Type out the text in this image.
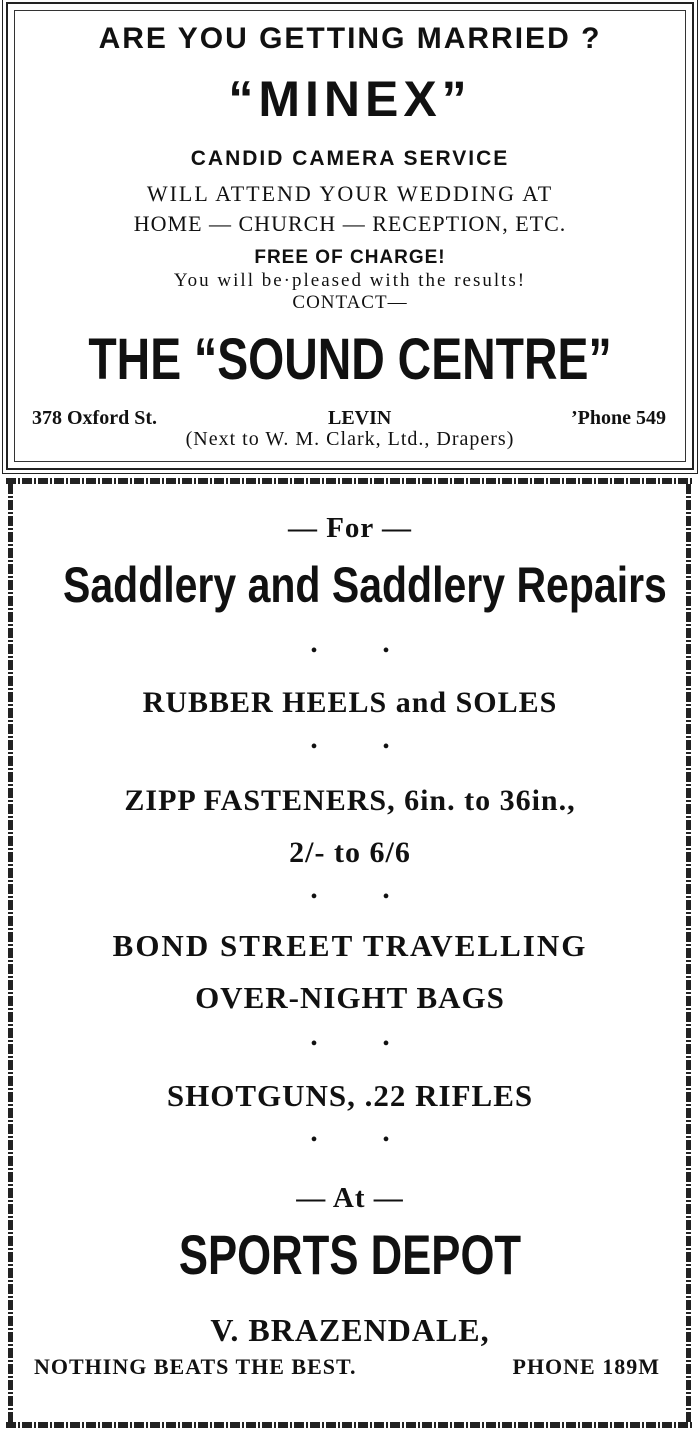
ARE YOU GETTING MARRIED ?
“MINEX”
CANDID CAMERA SERVICE
WILL ATTEND YOUR WEDDING AT
HOME — CHURCH — RECEPTION, ETC.
FREE OF CHARGE!
You will be·pleased with the results!
CONTACT—
THE “SOUND CENTRE”
378 Oxford St.	LEVIN	’Phone 549
(Next to W. M. Clark, Ltd., Drapers)
— For —
Saddlery and Saddlery Repairs
• •
RUBBER HEELS and SOLES
• •
ZIPP FASTENERS, 6in. to 36in.,
2/- to 6/6
• •
BOND STREET TRAVELLING
OVER-NIGHT BAGS
• •
SHOTGUNS, .22 RIFLES
• •
— At —
SPORTS DEPOT
V. BRAZENDALE,
NOTHING BEATS THE BEST.	PHONE 189M
